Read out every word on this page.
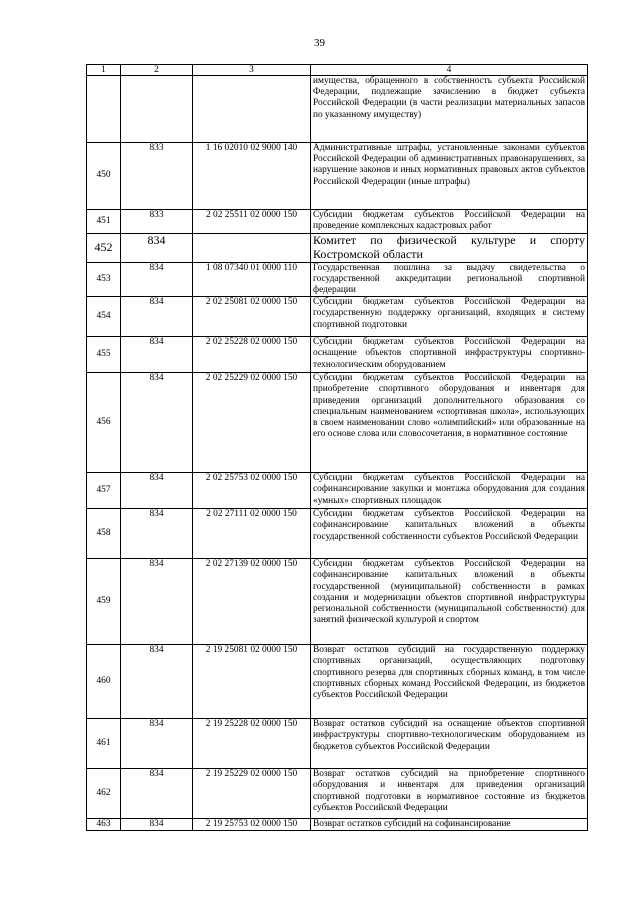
39
1	2	3	4
			имущества, обращенного в собственность субъекта Российской Федерации, подлежащие зачислению в бюджет субъекта Российской Федерации (в части реализации материальных запасов по указанному имуществу)
450	833	1 16 02010 02 9000 140	Административные штрафы, установленные законами субъектов Российской Федерации об административных правонарушениях, за нарушение законов и иных нормативных правовых актов субъектов Российской Федерации (иные штрафы)
451	833	2 02 25511 02 0000 150	Субсидии бюджетам субъектов Российской Федерации на проведение комплексных кадастровых работ
452	834		Комитет по физической культуре и спорту Костромской области
453	834	1 08 07340 01 0000 110	Государственная пошлина за выдачу свидетельства о государственной аккредитации региональной спортивной федерации
454	834	2 02 25081 02 0000 150	Субсидии бюджетам субъектов Российской Федерации на государственную поддержку организаций, входящих в систему спортивной подготовки
455	834	2 02 25228 02 0000 150	Субсидии бюджетам субъектов Российской Федерации на оснащение объектов спортивной инфраструктуры спортивно-технологическим оборудованием
456	834	2 02 25229 02 0000 150	Субсидии бюджетам субъектов Российской Федерации на приобретение спортивного оборудования и инвентаря для приведения организаций дополнительного образования со специальным наименованием «спортивная школа», использующих в своем наименовании слово «олимпийский» или образованные на его основе слова или словосочетания, в нормативное состояние
457	834	2 02 25753 02 0000 150	Субсидии бюджетам субъектов Российской Федерации на софинансирование закупки и монтажа оборудования для создания «умных» спортивных площадок
458	834	2 02 27111 02 0000 150	Субсидии бюджетам субъектов Российской Федерации на софинансирование капитальных вложений в объекты государственной собственности субъектов Российской Федерации
459	834	2 02 27139 02 0000 150	Субсидии бюджетам субъектов Российской Федерации на софинансирование капитальных вложений в объекты государственной (муниципальной) собственности в рамках создания и модернизации объектов спортивной инфраструктуры региональной собственности (муниципальной собственности) для занятий физической культурой и спортом
460	834	2 19 25081 02 0000 150	Возврат остатков субсидий на государственную поддержку спортивных организаций, осуществляющих подготовку спортивного резерва для спортивных сборных команд, в том числе спортивных сборных команд Российской Федерации, из бюджетов субъектов Российской Федерации
461	834	2 19 25228 02 0000 150	Возврат остатков субсидий на оснащение объектов спортивной инфраструктуры спортивно-технологическим оборудованием из бюджетов субъектов Российской Федерации
462	834	2 19 25229 02 0000 150	Возврат остатков субсидий на приобретение спортивного оборудования и инвентаря для приведения организаций спортивной подготовки в нормативное состояние из бюджетов субъектов Российской Федерации
463	834	2 19 25753 02 0000 150	Возврат остатков субсидий на софинансирование
